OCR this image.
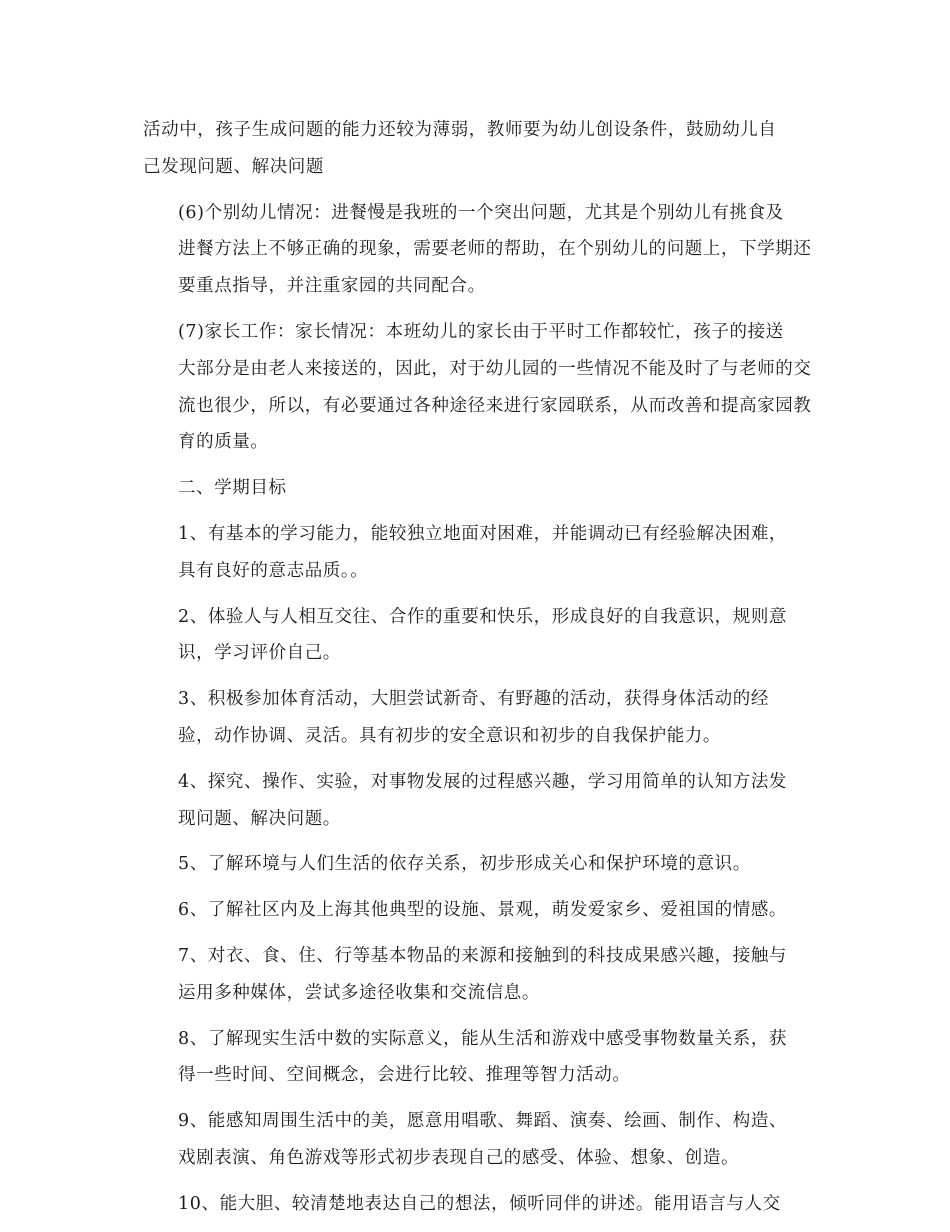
活动中，孩子生成问题的能力还较为薄弱，教师要为幼儿创设条件，鼓励幼儿自
己发现问题、解决问题
(6)个别幼儿情况：进餐慢是我班的一个突出问题，尤其是个别幼儿有挑食及
进餐方法上不够正确的现象，需要老师的帮助，在个别幼儿的问题上，下学期还
要重点指导，并注重家园的共同配合。
(7)家长工作：家长情况：本班幼儿的家长由于平时工作都较忙，孩子的接送
大部分是由老人来接送的，因此，对于幼儿园的一些情况不能及时了与老师的交
流也很少，所以，有必要通过各种途径来进行家园联系，从而改善和提高家园教
育的质量。
二、学期目标
1、有基本的学习能力，能较独立地面对困难，并能调动已有经验解决困难，
具有良好的意志品质。。
2、体验人与人相互交往、合作的重要和快乐，形成良好的自我意识，规则意
识，学习评价自己。
3、积极参加体育活动，大胆尝试新奇、有野趣的活动，获得身体活动的经
验，动作协调、灵活。具有初步的安全意识和初步的自我保护能力。
4、探究、操作、实验，对事物发展的过程感兴趣，学习用简单的认知方法发
现问题、解决问题。
5、了解环境与人们生活的依存关系，初步形成关心和保护环境的意识。
6、了解社区内及上海其他典型的设施、景观，萌发爱家乡、爱祖国的情感。
7、对衣、食、住、行等基本物品的来源和接触到的科技成果感兴趣，接触与
运用多种媒体，尝试多途径收集和交流信息。
8、了解现实生活中数的实际意义，能从生活和游戏中感受事物数量关系，获
得一些时间、空间概念，会进行比较、推理等智力活动。
9、能感知周围生活中的美，愿意用唱歌、舞蹈、演奏、绘画、制作、构造、
戏剧表演、角色游戏等形式初步表现自己的感受、体验、想象、创造。
10、能大胆、较清楚地表达自己的想法，倾听同伴的讲述。能用语言与人交
